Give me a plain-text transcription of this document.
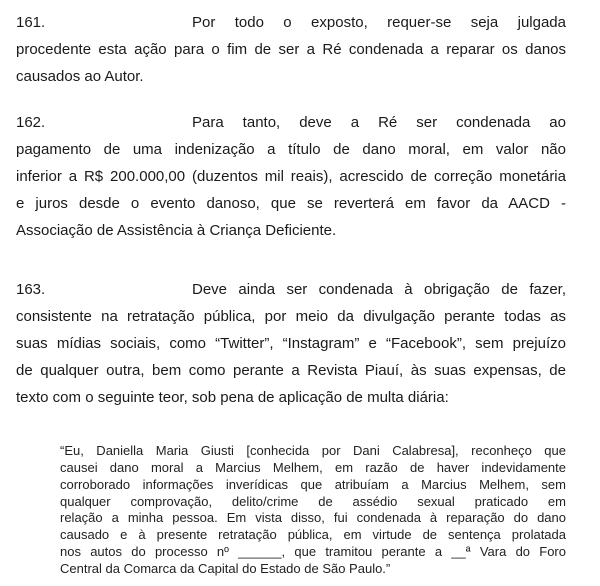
161.	Por todo o exposto, requer-se seja julgada
procedente esta ação para o fim de ser a Ré condenada a reparar os danos
causados ao Autor.
162.	Para tanto, deve a Ré ser condenada ao
pagamento de uma indenização a título de dano moral, em valor não
inferior a R$ 200.000,00 (duzentos mil reais), acrescido de correção monetária
e juros desde o evento danoso, que se reverterá em favor da AACD -
Associação de Assistência à Criança Deficiente.
163.	Deve ainda ser condenada à obrigação de fazer,
consistente na retratação pública, por meio da divulgação perante todas as
suas mídias sociais, como “Twitter”, “Instagram” e “Facebook”, sem prejuízo
de qualquer outra, bem como perante a Revista Piauí, às suas expensas, de
texto com o seguinte teor, sob pena de aplicação de multa diária:
“Eu, Daniella Maria Giusti [conhecida por Dani Calabresa], reconheço que
causei dano moral a Marcius Melhem, em razão de haver indevidamente
corroborado informações inverídicas que atribuíam a Marcius Melhem, sem
qualquer comprovação, delito/crime de assédio sexual praticado em
relação a minha pessoa. Em vista disso, fui condenada à reparação do dano
causado e à presente retratação pública, em virtude de sentença prolatada
nos autos do processo nº ______, que tramitou perante a __ª Vara do Foro
Central da Comarca da Capital do Estado de São Paulo.”
